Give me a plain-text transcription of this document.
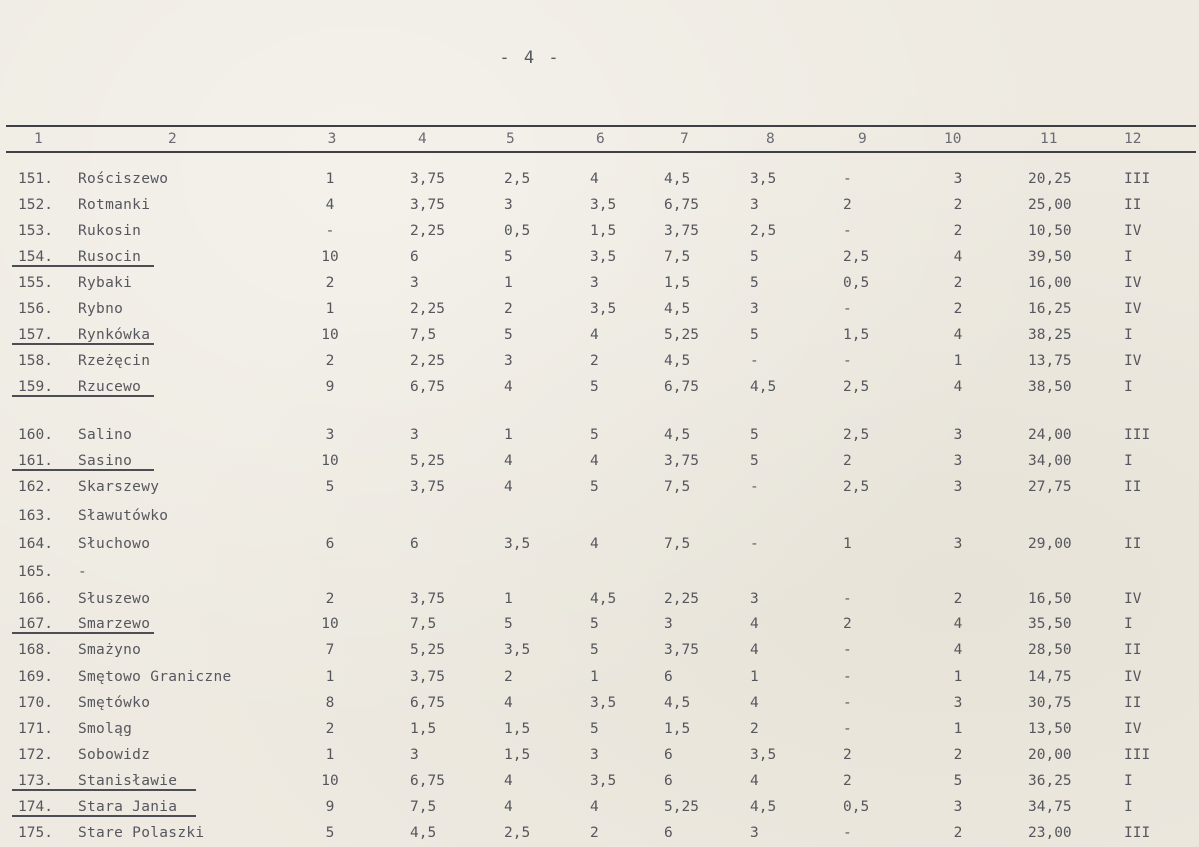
- 4 -
1	2	3	4	5	6	7	8	9	10	11	12
151. Rościszewo	1	3,75	2,5	4	4,5	3,5	-	3	20,25	III
152. Rotmanki	4	3,75	3	3,5	6,75	3	2	2	25,00	II
153. Rukosin	-	2,25	0,5	1,5	3,75	2,5	-	2	10,50	IV
154. Rusocin	10	6	5	3,5	7,5	5	2,5	4	39,50	I
155. Rybaki	2	3	1	3	1,5	5	0,5	2	16,00	IV
156. Rybno	1	2,25	2	3,5	4,5	3	-	2	16,25	IV
157. Rynkówka	10	7,5	5	4	5,25	5	1,5	4	38,25	I
158. Rzeżęcin	2	2,25	3	2	4,5	-	-	1	13,75	IV
159. Rzucewo	9	6,75	4	5	6,75	4,5	2,5	4	38,50	I
160. Salino	3	3	1	5	4,5	5	2,5	3	24,00	III
161. Sasino	10	5,25	4	4	3,75	5	2	3	34,00	I
162. Skarszewy	5	3,75	4	5	7,5	-	2,5	3	27,75	II
163. Sławutówko
164. Słuchowo	6	6	3,5	4	7,5	-	1	3	29,00	II
165. -
166. Słuszewo	2	3,75	1	4,5	2,25	3	-	2	16,50	IV
167. Smarzewo	10	7,5	5	5	3	4	2	4	35,50	I
168. Smażyno	7	5,25	3,5	5	3,75	4	-	4	28,50	II
169. Smętowo Graniczne	1	3,75	2	1	6	1	-	1	14,75	IV
170. Smętówko	8	6,75	4	3,5	4,5	4	-	3	30,75	II
171. Smoląg	2	1,5	1,5	5	1,5	2	-	1	13,50	IV
172. Sobowidz	1	3	1,5	3	6	3,5	2	2	20,00	III
173. Stanisławie	10	6,75	4	3,5	6	4	2	5	36,25	I
174. Stara Jania	9	7,5	4	4	5,25	4,5	0,5	3	34,75	I
175. Stare Polaszki	5	4,5	2,5	2	6	3	-	2	23,00	III
